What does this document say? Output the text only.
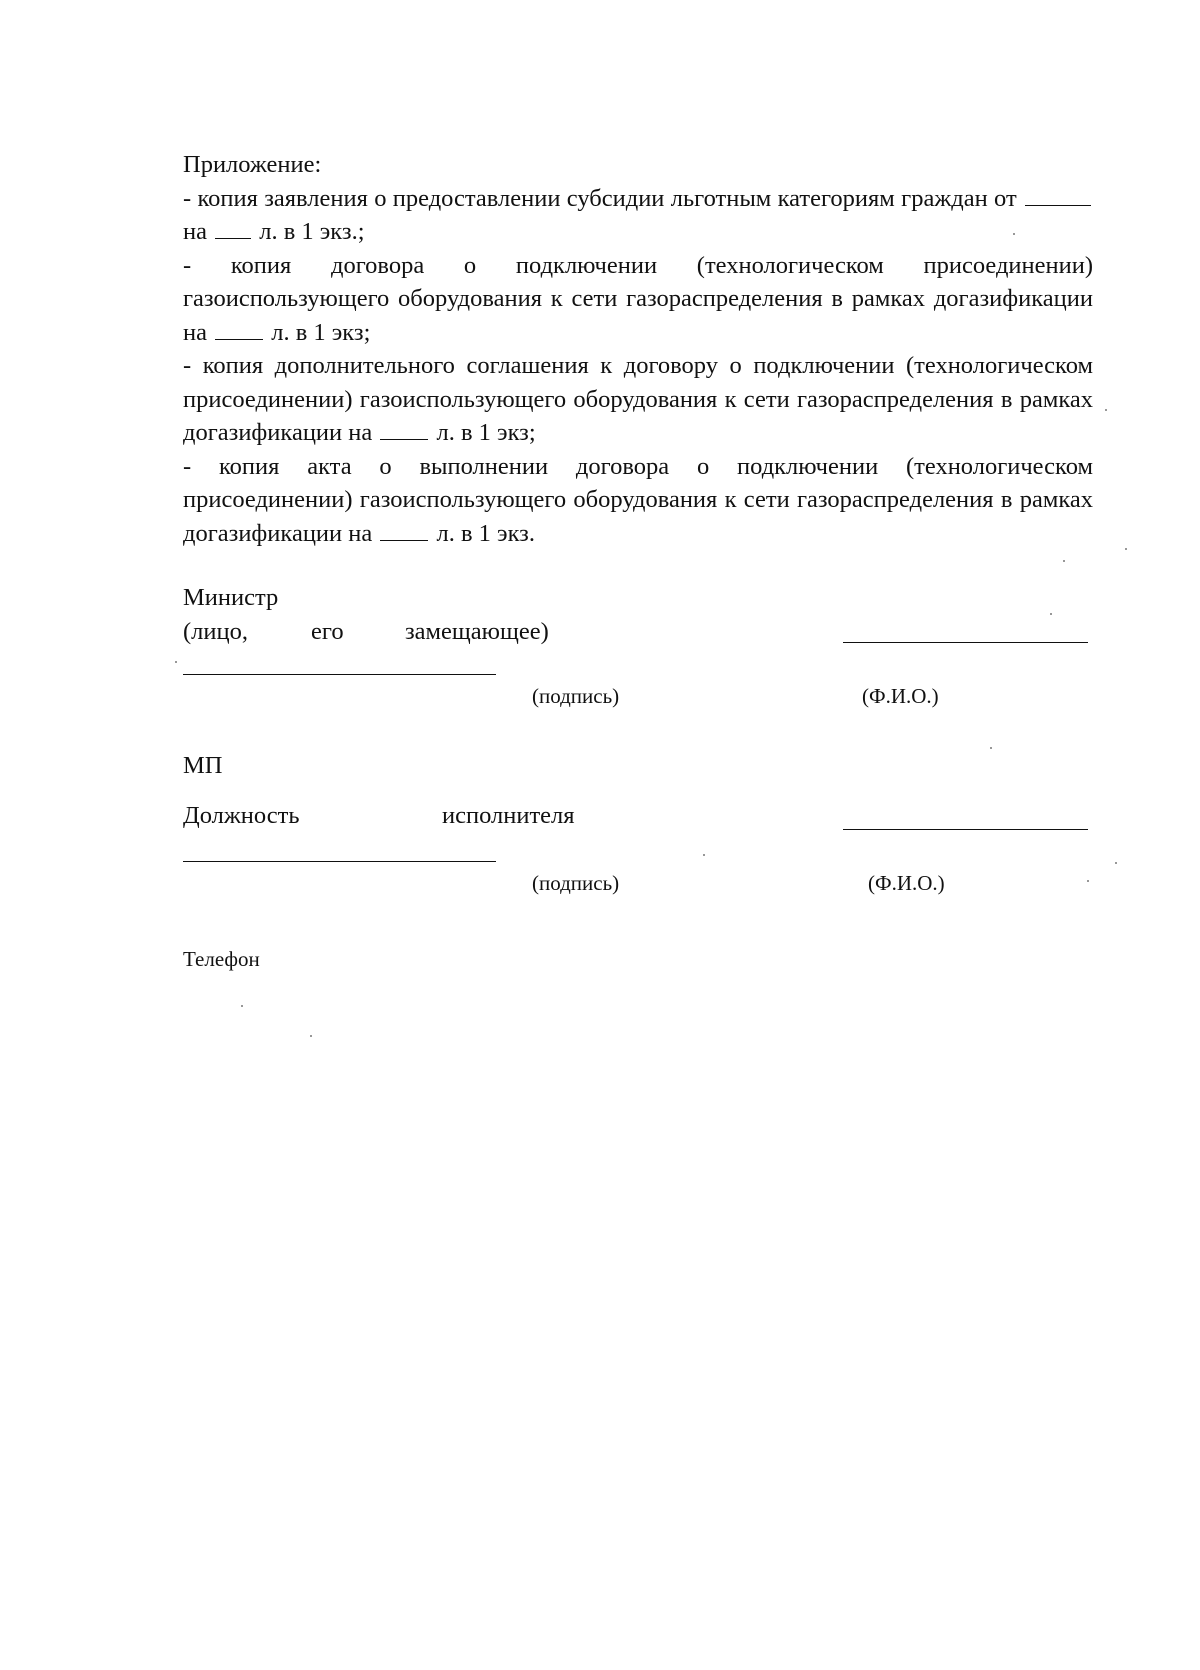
Приложение:

- копия заявления о предоставлении субсидии льготным категориям граждан от на л. в 1 экз.;

- копия договора о подключении (технологическом присоединении) газоиспользующего оборудования к сети газораспределения в рамках догазификации на	л. в 1 экз;

- копия дополнительного соглашения к договору о подключении (технологическом присоединении) газоиспользующего оборудования к сети газораспределения в рамках догазификации на	л. в 1 экз;

- копия акта о выполнении договора о подключении (технологическом присоединении) газоиспользующего оборудования к сети газораспределения в рамках догазификации на	л. в 1 экз.

Министр
(лицо,	его	замещающее)
(подпись)	(Ф.И.О.)
МП
Должность	исполнителя
(подпись)	(Ф.И.О.)
Телефон
